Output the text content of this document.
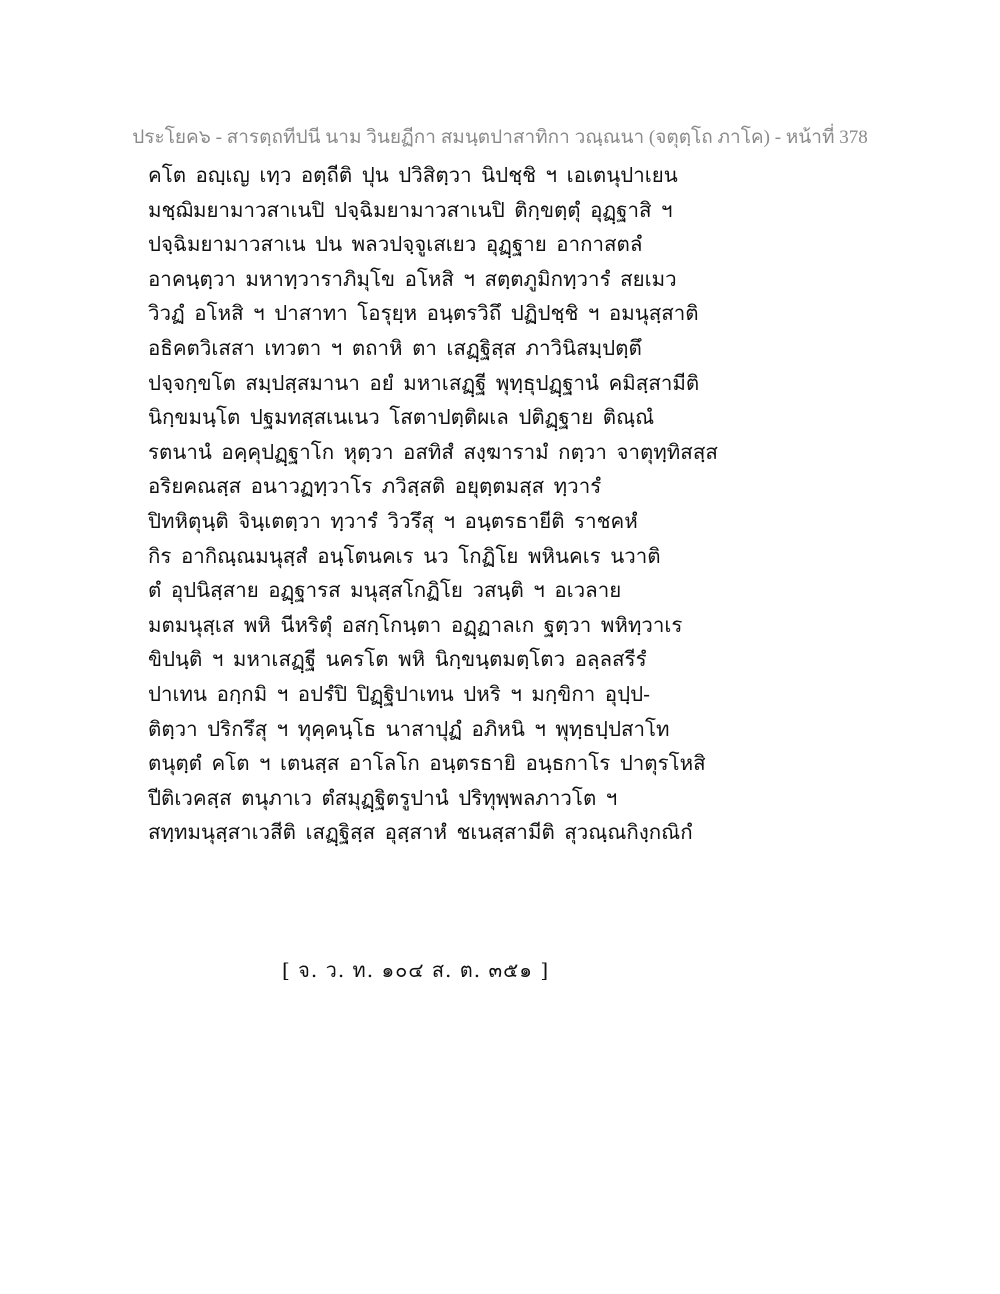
ประโยค๖ - สารตฺถทีปนี นาม วินยฏีกา สมนฺตปาสาทิกา วณฺณนา (จตุตฺโถ ภาโค) - หน้าที่ 378
คโต อญฺเญ เทฺว อตฺถีติ ปุน ปวิสิตฺวา นิปชฺชิ ฯ เอเตนุปาเยน
มชฺฌิมยามาวสาเนปิ ปจฺฉิมยามาวสาเนปิ ติกฺขตฺตุํ อุฏฺฐาสิ ฯ
ปจฺฉิมยามาวสาเน ปน พลวปจฺจูเสเยว อุฏฺฐาย อากาสตลํ
อาคนฺตฺวา มหาทฺวาราภิมุโข อโหสิ ฯ สตฺตภูมิกทฺวารํ สยเมว
วิวฏํ อโหสิ ฯ ปาสาทา โอรุยฺห อนฺตรวิถึ ปฏิปชฺชิ ฯ อมนุสฺสาติ
อธิคตวิเสสา เทวตา ฯ ตถาหิ ตา เสฏฺฐิสฺส ภาวินิสมฺปตฺตึ
ปจฺจกฺขโต สมฺปสฺสมานา อยํ มหาเสฏฺฐี พุทฺธุปฏฺฐานํ คมิสฺสามีติ
นิกฺขมนฺโต ปฐมทสฺสเนเนว โสตาปตฺติผเล ปติฏฺฐาย ติณฺณํ
รตนานํ อคฺคุปฏฺฐาโก หุตฺวา อสทิสํ สงฺฆารามํ กตฺวา จาตุทฺทิสสฺส
อริยคณสฺส อนาวฏทฺวาโร ภวิสฺสติ อยุตฺตมสฺส ทฺวารํ
ปิทหิตุนฺติ จินฺเตตฺวา ทฺวารํ วิวรึสุ ฯ อนฺตรธายีติ ราชคหํ
กิร อากิณฺณมนุสฺสํ อนฺโตนคเร นว โกฏิโย พหินคเร นวาติ
ตํ อุปนิสฺสาย อฏฺฐารส มนุสฺสโกฏิโย วสนฺติ ฯ อเวลาย
มตมนุสฺเส พหิ นีหริตุํ อสกฺโกนฺตา อฏฺฏาลเก ฐตฺวา พหิทฺวาเร
ขิปนฺติ ฯ มหาเสฏฺฐี นครโต พหิ นิกฺขนฺตมตฺโตว อลฺลสรีรํ
ปาเทน อกฺกมิ ฯ อปรํปิ ปิฏฺฐิปาเทน ปหริ ฯ มกฺขิกา อุปฺป-
ติตฺวา ปริกรึสุ ฯ ทุคฺคนฺโธ นาสาปุฏํ อภิหนิ ฯ พุทฺธปฺปสาโท
ตนุตฺตํ คโต ฯ เตนสฺส อาโลโก อนฺตรธายิ อนฺธกาโร ปาตุรโหสิ
ปีติเวคสฺส ตนุภาเว ตํสมุฏฺฐิตรูปานํ ปริทุพฺพลภาวโต ฯ
สทฺทมนุสฺสาเวสีติ เสฏฺฐิสฺส อุสฺสาหํ ชเนสฺสามีติ สุวณฺณกิงฺกณิกํ
[ จ. ว. ท. ๑๐๔ ส. ต. ๓๕๑ ]
